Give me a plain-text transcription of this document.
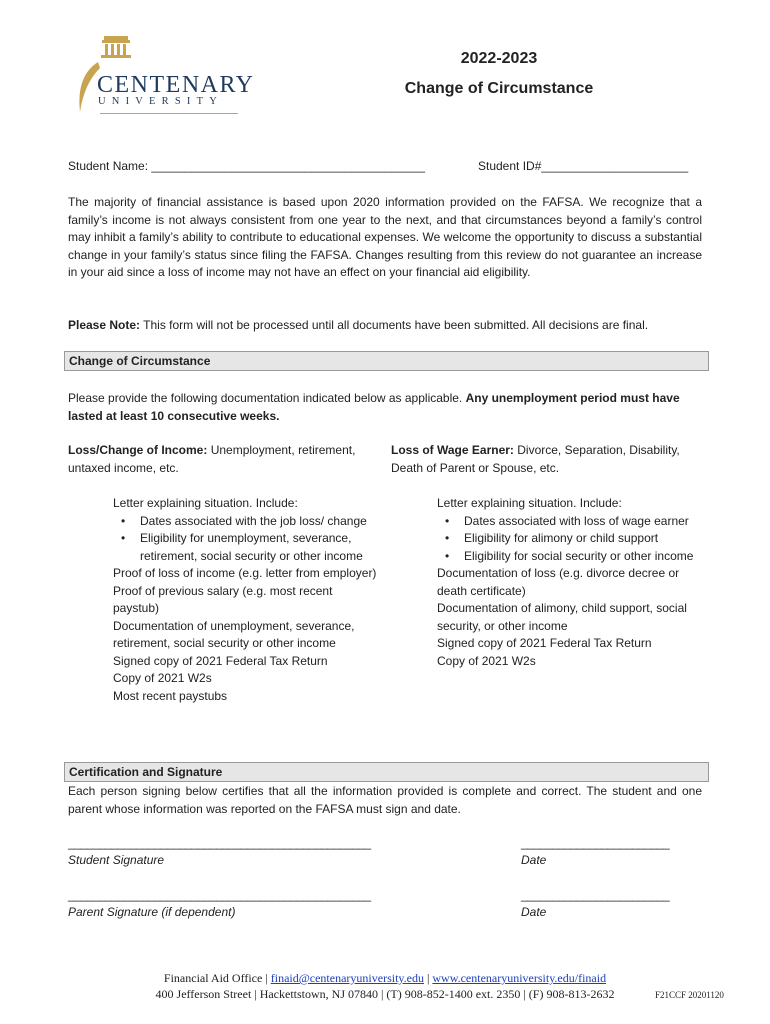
CENTENARY
UNIVERSITY
2022-2023
Change of Circumstance
Student Name: _________________________________________	Student ID#______________________
The majority of financial assistance is based upon 2020 information provided on the FAFSA. We recognize that a family’s income is not always consistent from one year to the next, and that circumstances beyond a family’s control may inhibit a family’s ability to contribute to educational expenses. We welcome the opportunity to discuss a substantial change in your family’s status since filing the FAFSA. Changes resulting from this review do not guarantee an increase in your aid since a loss of income may not have an effect on your financial aid eligibility.
Please Note: This form will not be processed until all documents have been submitted. All decisions are final.
Change of Circumstance
Please provide the following documentation indicated below as applicable. Any unemployment period must have lasted at least 10 consecutive weeks.
Loss/Change of Income: Unemployment, retirement, untaxed income, etc.
Letter explaining situation. Include:
• Dates associated with the job loss/ change
• Eligibility for unemployment, severance, retirement, social security or other income
Proof of loss of income (e.g. letter from employer)
Proof of previous salary (e.g. most recent paystub)
Documentation of unemployment, severance, retirement, social security or other income
Signed copy of 2021 Federal Tax Return
Copy of 2021 W2s
Most recent paystubs
Loss of Wage Earner: Divorce, Separation, Disability, Death of Parent or Spouse, etc.
Letter explaining situation. Include:
• Dates associated with loss of wage earner
• Eligibility for alimony or child support
• Eligibility for social security or other income
Documentation of loss (e.g. divorce decree or death certificate)
Documentation of alimony, child support, social security, or other income
Signed copy of 2021 Federal Tax Return
Copy of 2021 W2s
Certification and Signature
Each person signing below certifies that all the information provided is complete and correct. The student and one parent whose information was reported on the FAFSA must sign and date.
_________________________________________________
Student Signature
________________________
Date
_________________________________________________
Parent Signature (if dependent)
________________________
Date
Financial Aid Office | finaid@centenaryuniversity.edu | www.centenaryuniversity.edu/finaid
400 Jefferson Street | Hackettstown, NJ 07840 | (T) 908-852-1400 ext. 2350 | (F) 908-813-2632	F21CCF 20201120
